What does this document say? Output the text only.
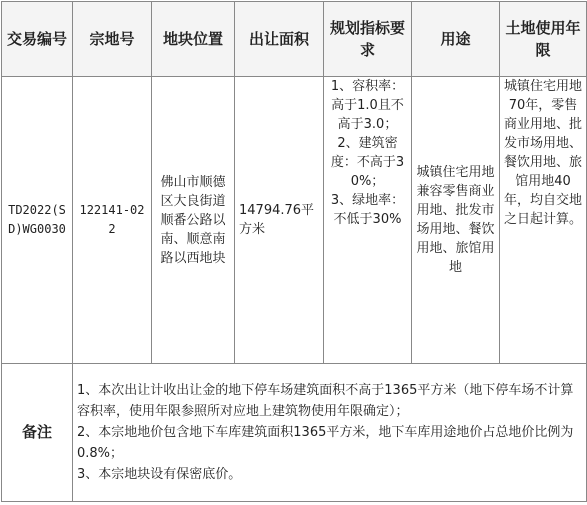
交易编号	宗地号	地块位置	出让面积	规划指标要求	用途	土地使用年限
TD2022(SD)WG0030	122141-022	佛山市顺德区大良街道顺番公路以南、顺意南路以西地块	14794.76平方米	1、容积率：高于1.0且不高于3.0；

2、建筑密度：不高于30%；

3、绿地率：不低于30%	城镇住宅用地兼容零售商业用地、批发市场用地、餐饮用地、旅馆用地	城镇住宅用地70年，零售商业用地、批发市场用地、餐饮用地、旅馆用地40年，均自交地之日起计算。
备注	1、本次出让计收出让金的地下停车场建筑面积不高于1365平方米（地下停车场不计算容积率，使用年限参照所对应地上建筑物使用年限确定）；

2、本宗地地价包含地下车库建筑面积1365平方米，地下车库用途地价占总地价比例为0.8%；

3、本宗地块设有保密底价。					
